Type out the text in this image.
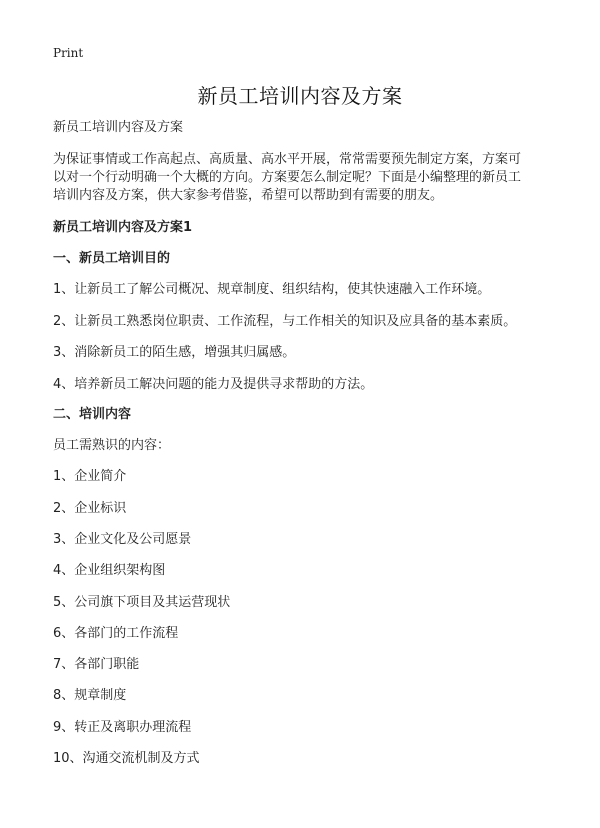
Print
新员工培训内容及方案
新员工培训内容及方案
为保证事情或工作高起点、高质量、高水平开展，常常需要预先制定方案，方案可
以对一个行动明确一个大概的方向。方案要怎么制定呢？下面是小编整理的新员工
培训内容及方案，供大家参考借鉴，希望可以帮助到有需要的朋友。
新员工培训内容及方案1
一、新员工培训目的
1、让新员工了解公司概况、规章制度、组织结构，使其快速融入工作环境。
2、让新员工熟悉岗位职责、工作流程，与工作相关的知识及应具备的基本素质。
3、消除新员工的陌生感，增强其归属感。
4、培养新员工解决问题的能力及提供寻求帮助的方法。
二、培训内容
员工需熟识的内容：
1、企业简介
2、企业标识
3、企业文化及公司愿景
4、企业组织架构图
5、公司旗下项目及其运营现状
6、各部门的工作流程
7、各部门职能
8、规章制度
9、转正及离职办理流程
10、沟通交流机制及方式
